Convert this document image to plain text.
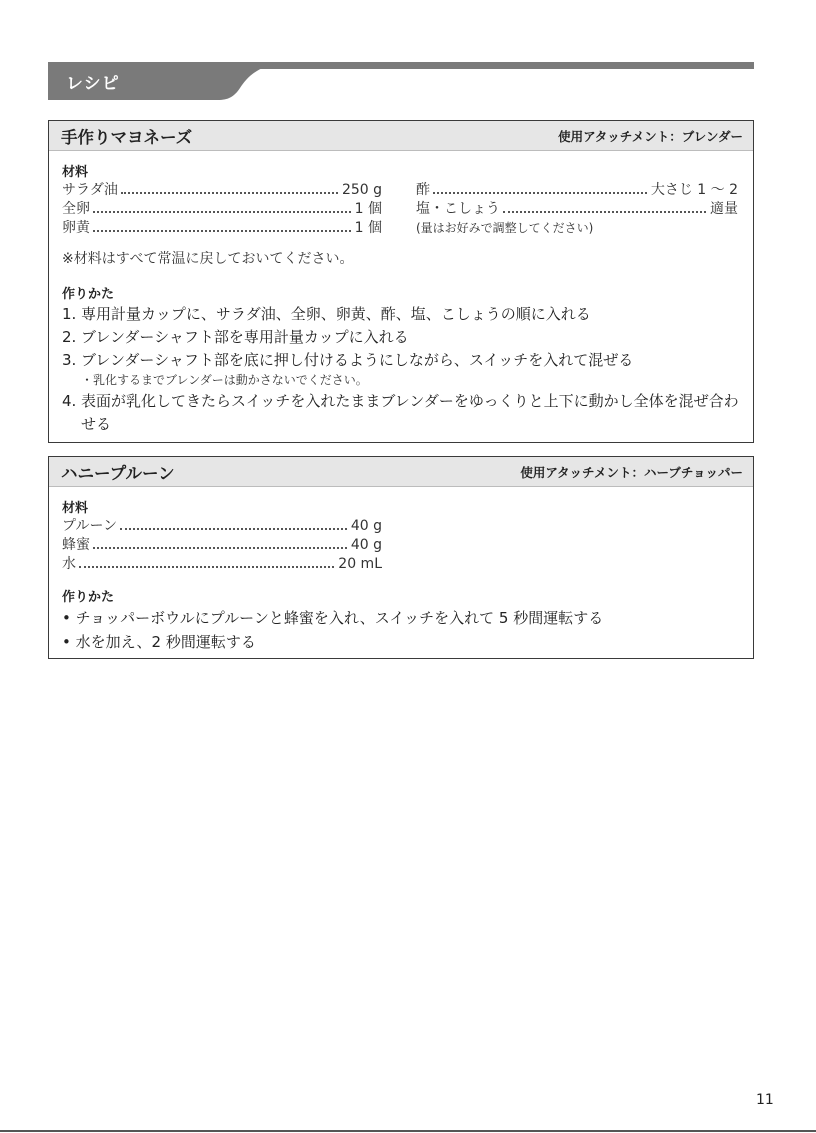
レシピ
手作りマヨネーズ	使用アタッチメント：ブレンダー
材料
サラダ油	250 g
全卵	1 個
卵黄	1 個
酢	大さじ 1 ～ 2
塩・こしょう	適量
(量はお好みで調整してください)
※材料はすべて常温に戻しておいてください。
作りかた
1. 専用計量カップに、サラダ油、全卵、卵黄、酢、塩、こしょうの順に入れる
2. ブレンダーシャフト部を専用計量カップに入れる
3. ブレンダーシャフト部を底に押し付けるようにしながら、スイッチを入れて混ぜる
・乳化するまでブレンダーは動かさないでください。
4. 表面が乳化してきたらスイッチを入れたままブレンダーをゆっくりと上下に動かし全体を混ぜ合わせる
ハニープルーン	使用アタッチメント：ハーブチョッパー
材料
プルーン	40 g
蜂蜜	40 g
水	20 mL
作りかた
• チョッパーボウルにプルーンと蜂蜜を入れ、スイッチを入れて 5 秒間運転する
• 水を加え、2 秒間運転する
11
